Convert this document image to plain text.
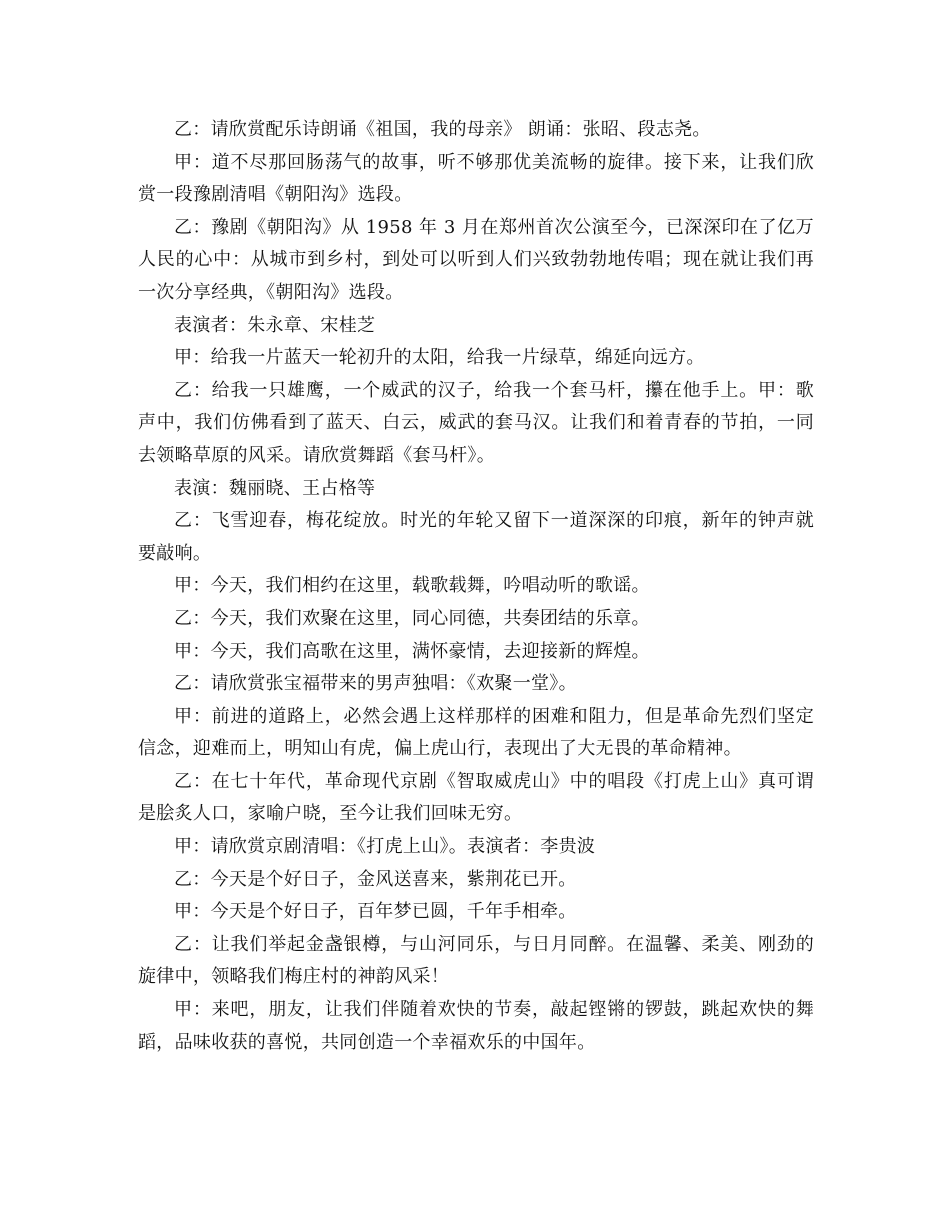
乙：请欣赏配乐诗朗诵《祖国，我的母亲》 朗诵：张昭、段志尧。

甲：道不尽那回肠荡气的故事，听不够那优美流畅的旋律。接下来，让我们欣赏一段豫剧清唱《朝阳沟》选段。

乙：豫剧《朝阳沟》从 1958 年 3 月在郑州首次公演至今，已深深印在了亿万人民的心中：从城市到乡村，到处可以听到人们兴致勃勃地传唱；现在就让我们再一次分享经典，《朝阳沟》选段。

表演者：朱永章、宋桂芝

甲：给我一片蓝天一轮初升的太阳，给我一片绿草，绵延向远方。

乙：给我一只雄鹰，一个威武的汉子，给我一个套马杆，攥在他手上。甲：歌声中，我们仿佛看到了蓝天、白云，威武的套马汉。让我们和着青春的节拍，一同去领略草原的风采。请欣赏舞蹈《套马杆》。

表演：魏丽晓、王占格等

乙：飞雪迎春，梅花绽放。时光的年轮又留下一道深深的印痕，新年的钟声就要敲响。

甲：今天，我们相约在这里，载歌载舞，吟唱动听的歌谣。

乙：今天，我们欢聚在这里，同心同德，共奏团结的乐章。

甲：今天，我们高歌在这里，满怀豪情，去迎接新的辉煌。

乙：请欣赏张宝福带来的男声独唱：《欢聚一堂》。

甲：前进的道路上，必然会遇上这样那样的困难和阻力，但是革命先烈们坚定信念，迎难而上，明知山有虎，偏上虎山行，表现出了大无畏的革命精神。

乙：在七十年代，革命现代京剧《智取威虎山》中的唱段《打虎上山》真可谓是脍炙人口，家喻户晓，至今让我们回味无穷。

甲：请欣赏京剧清唱：《打虎上山》。表演者：李贵波

乙：今天是个好日子，金风送喜来，紫荆花已开。

甲：今天是个好日子，百年梦已圆，千年手相牵。

乙：让我们举起金盏银樽，与山河同乐，与日月同醉。在温馨、柔美、刚劲的旋律中，领略我们梅庄村的神韵风采！

甲：来吧，朋友，让我们伴随着欢快的节奏，敲起铿锵的锣鼓，跳起欢快的舞蹈，品味收获的喜悦，共同创造一个幸福欢乐的中国年。
